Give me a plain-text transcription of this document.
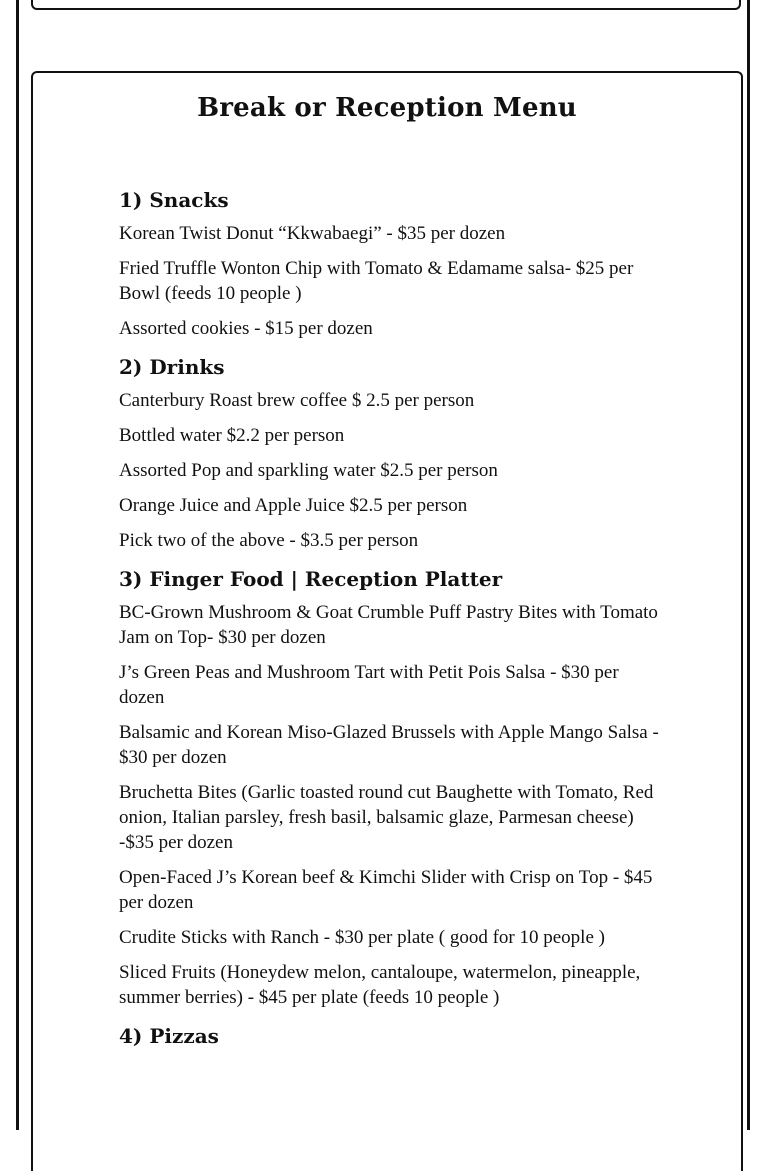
Break or Reception Menu
1) Snacks

Korean Twist Donut “Kkwabaegi” - $35 per dozen

Fried Truffle Wonton Chip with Tomato & Edamame salsa- $25 per Bowl (feeds 10 people )

Assorted cookies - $15 per dozen

2) Drinks

Canterbury Roast brew coffee $ 2.5 per person

Bottled water $2.2 per person

Assorted Pop and sparkling water $2.5 per person

Orange Juice and Apple Juice $2.5 per person

Pick two of the above - $3.5 per person

3) Finger Food | Reception Platter

BC-Grown Mushroom & Goat Crumble Puff Pastry Bites with Tomato Jam on Top- $30 per dozen

J’s Green Peas and Mushroom Tart with Petit Pois Salsa - $30 per dozen

Balsamic and Korean Miso-Glazed Brussels with Apple Mango Salsa - $30 per dozen

Bruchetta Bites (Garlic toasted round cut Baughette with Tomato, Red onion, Italian parsley, fresh basil, balsamic glaze, Parmesan cheese) -$35 per dozen

Open-Faced J’s Korean beef & Kimchi Slider with Crisp on Top - $45 per dozen

Crudite Sticks with Ranch - $30 per plate ( good for 10 people )

Sliced Fruits (Honeydew melon, cantaloupe, watermelon, pineapple, summer berries) - $45 per plate (feeds 10 people )

4) Pizzas
